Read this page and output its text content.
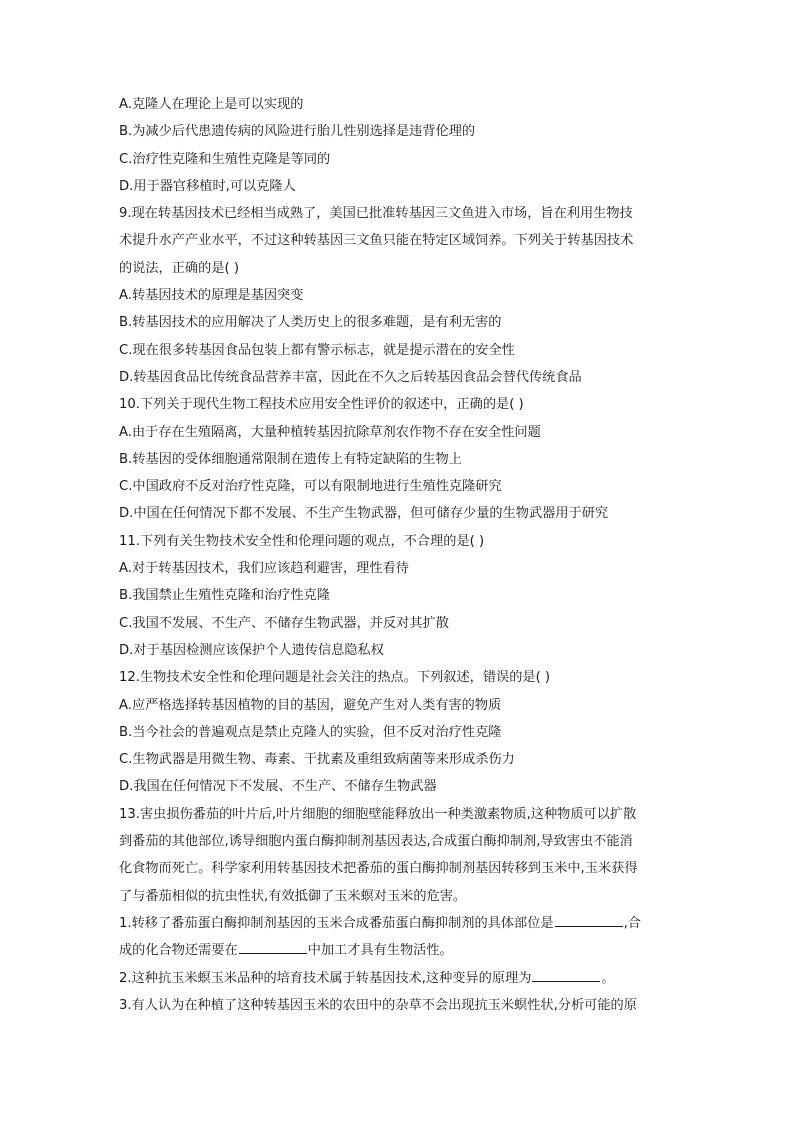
A.克隆人在理论上是可以实现的
B.为减少后代患遗传病的风险进行胎儿性别选择是违背伦理的
C.治疗性克隆和生殖性克隆是等同的
D.用于器官移植时,可以克隆人
9.现在转基因技术已经相当成熟了，美国已批准转基因三文鱼进入市场，旨在利用生物技
术提升水产产业水平，不过这种转基因三文鱼只能在特定区域饲养。下列关于转基因技术
的说法，正确的是( )
A.转基因技术的原理是基因突变
B.转基因技术的应用解决了人类历史上的很多难题，是有利无害的
C.现在很多转基因食品包装上都有警示标志，就是提示潜在的安全性
D.转基因食品比传统食品营养丰富，因此在不久之后转基因食品会替代传统食品
10.下列关于现代生物工程技术应用安全性评价的叙述中，正确的是( )
A.由于存在生殖隔离，大量种植转基因抗除草剂农作物不存在安全性问题
B.转基因的受体细胞通常限制在遗传上有特定缺陷的生物上
C.中国政府不反对治疗性克隆，可以有限制地进行生殖性克隆研究
D.中国在任何情况下都不发展、不生产生物武器，但可储存少量的生物武器用于研究
11.下列有关生物技术安全性和伦理问题的观点，不合理的是( )
A.对于转基因技术，我们应该趋利避害，理性看待
B.我国禁止生殖性克隆和治疗性克隆
C.我国不发展、不生产、不储存生物武器，并反对其扩散
D.对于基因检测应该保护个人遗传信息隐私权
12.生物技术安全性和伦理问题是社会关注的热点。下列叙述，错误的是( )
A.应严格选择转基因植物的目的基因，避免产生对人类有害的物质
B.当今社会的普遍观点是禁止克隆人的实验，但不反对治疗性克隆
C.生物武器是用微生物、毒素、干扰素及重组致病菌等来形成杀伤力
D.我国在任何情况下不发展、不生产、不储存生物武器
13.害虫损伤番茄的叶片后,叶片细胞的细胞壁能释放出一种类激素物质,这种物质可以扩散
到番茄的其他部位,诱导细胞内蛋白酶抑制剂基因表达,合成蛋白酶抑制剂,导致害虫不能消
化食物而死亡。科学家利用转基因技术把番茄的蛋白酶抑制剂基因转移到玉米中,玉米获得
了与番茄相似的抗虫性状,有效抵御了玉米螟对玉米的危害。
1.转移了番茄蛋白酶抑制剂基因的玉米合成番茄蛋白酶抑制剂的具体部位是	,合
成的化合物还需要在	中加工才具有生物活性。
2.这种抗玉米螟玉米品种的培育技术属于转基因技术,这种变异的原理为	。
3.有人认为在种植了这种转基因玉米的农田中的杂草不会出现抗玉米螟性状,分析可能的原
